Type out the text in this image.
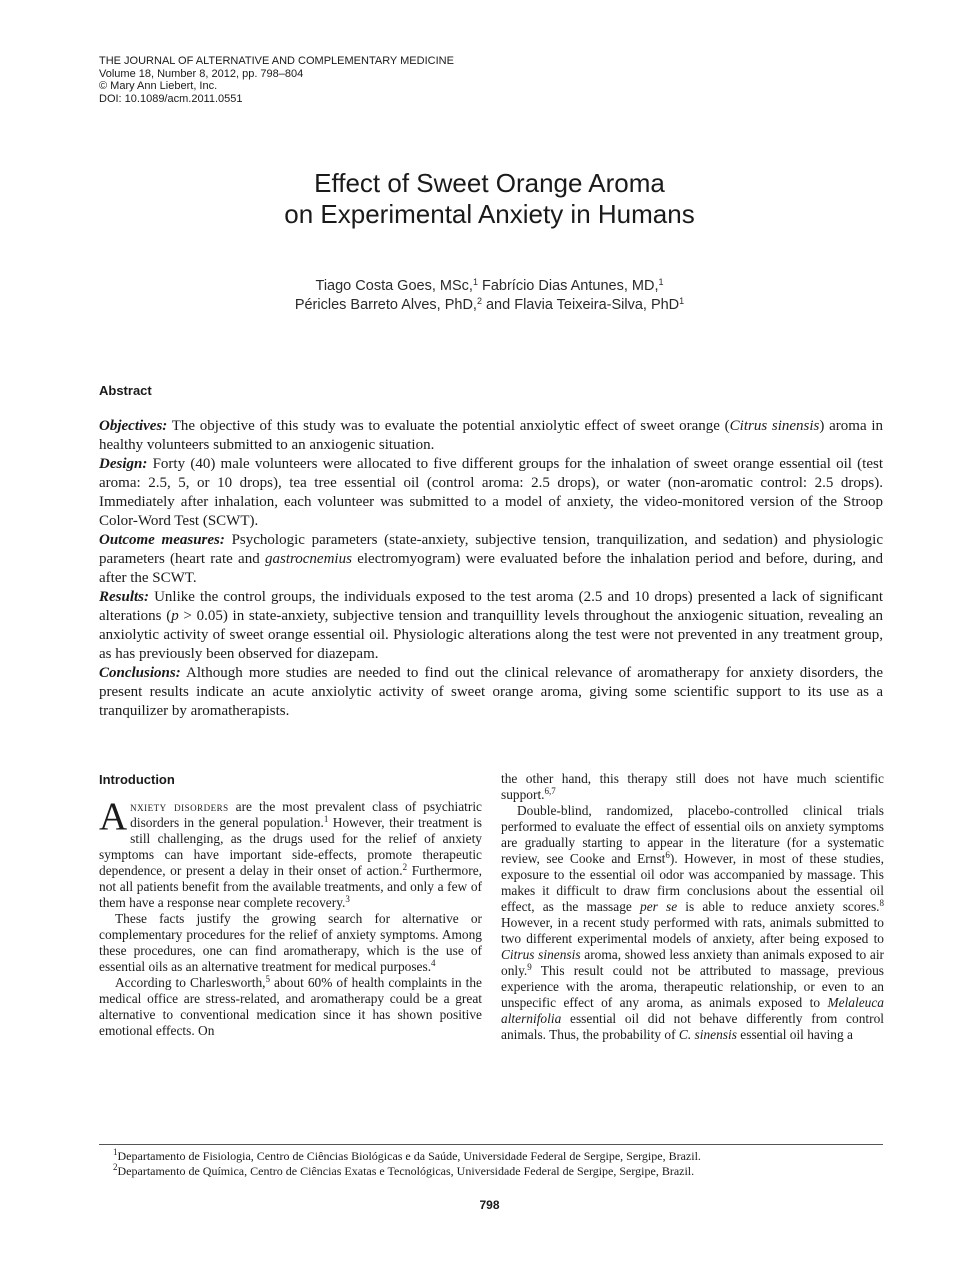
THE JOURNAL OF ALTERNATIVE AND COMPLEMENTARY MEDICINE
Volume 18, Number 8, 2012, pp. 798–804
© Mary Ann Liebert, Inc.
DOI: 10.1089/acm.2011.0551
Effect of Sweet Orange Aroma
on Experimental Anxiety in Humans
Tiago Costa Goes, MSc,$^1$ Fabrício Dias Antunes, MD,$^1$
Péricles Barreto Alves, PhD,$^2$ and Flavia Teixeira-Silva, PhD$^1$
Abstract

Objectives: The objective of this study was to evaluate the potential anxiolytic effect of sweet orange (Citrus sinensis) aroma in healthy volunteers submitted to an anxiogenic situation.

Design: Forty (40) male volunteers were allocated to five different groups for the inhalation of sweet orange essential oil (test aroma: 2.5, 5, or 10 drops), tea tree essential oil (control aroma: 2.5 drops), or water (non-aromatic control: 2.5 drops). Immediately after inhalation, each volunteer was submitted to a model of anxiety, the video-monitored version of the Stroop Color-Word Test (SCWT).

Outcome measures: Psychologic parameters (state-anxiety, subjective tension, tranquilization, and sedation) and physiologic parameters (heart rate and gastrocnemius electromyogram) were evaluated before the inhalation period and before, during, and after the SCWT.

Results: Unlike the control groups, the individuals exposed to the test aroma (2.5 and 10 drops) presented a lack of significant alterations (p > 0.05) in state-anxiety, subjective tension and tranquillity levels throughout the anxiogenic situation, revealing an anxiolytic activity of sweet orange essential oil. Physiologic alterations along the test were not prevented in any treatment group, as has previously been observed for diazepam.

Conclusions: Although more studies are needed to find out the clinical relevance of aromatherapy for anxiety disorders, the present results indicate an acute anxiolytic activity of sweet orange aroma, giving some scientific support to its use as a tranquilizer by aromatherapists.

Introduction

Anxiety disorders are the most prevalent class of psychiatric disorders in the general population.$^1$ However, their treatment is still challenging, as the drugs used for the relief of anxiety symptoms can have important side-effects, promote therapeutic dependence, or present a delay in their onset of action.$^2$ Furthermore, not all patients benefit from the available treatments, and only a few of them have a response near complete recovery.$^3$

These facts justify the growing search for alternative or complementary procedures for the relief of anxiety symptoms. Among these procedures, one can find aromatherapy, which is the use of essential oils as an alternative treatment for medical purposes.$^4$

According to Charlesworth,$^5$ about 60% of health complaints in the medical office are stress-related, and aromatherapy could be a great alternative to conventional medication since it has shown positive emotional effects. On

the other hand, this therapy still does not have much scientific support.$^{6,7}$

Double-blind, randomized, placebo-controlled clinical trials performed to evaluate the effect of essential oils on anxiety symptoms are gradually starting to appear in the literature (for a systematic review, see Cooke and Ernst$^6$). However, in most of these studies, exposure to the essential oil odor was accompanied by massage. This makes it difficult to draw firm conclusions about the essential oil effect, as the massage per se is able to reduce anxiety scores.$^8$ However, in a recent study performed with rats, animals submitted to two different experimental models of anxiety, after being exposed to Citrus sinensis aroma, showed less anxiety than animals exposed to air only.$^9$ This result could not be attributed to massage, previous experience with the aroma, therapeutic relationship, or even to an unspecific effect of any aroma, as animals exposed to Melaleuca alternifolia essential oil did not behave differently from control animals. Thus, the probability of C. sinensis essential oil having a

$^1$Departamento de Fisiologia, Centro de Ciências Biológicas e da Saúde, Universidade Federal de Sergipe, Sergipe, Brazil.
$^2$Departamento de Química, Centro de Ciências Exatas e Tecnológicas, Universidade Federal de Sergipe, Sergipe, Brazil.
798
